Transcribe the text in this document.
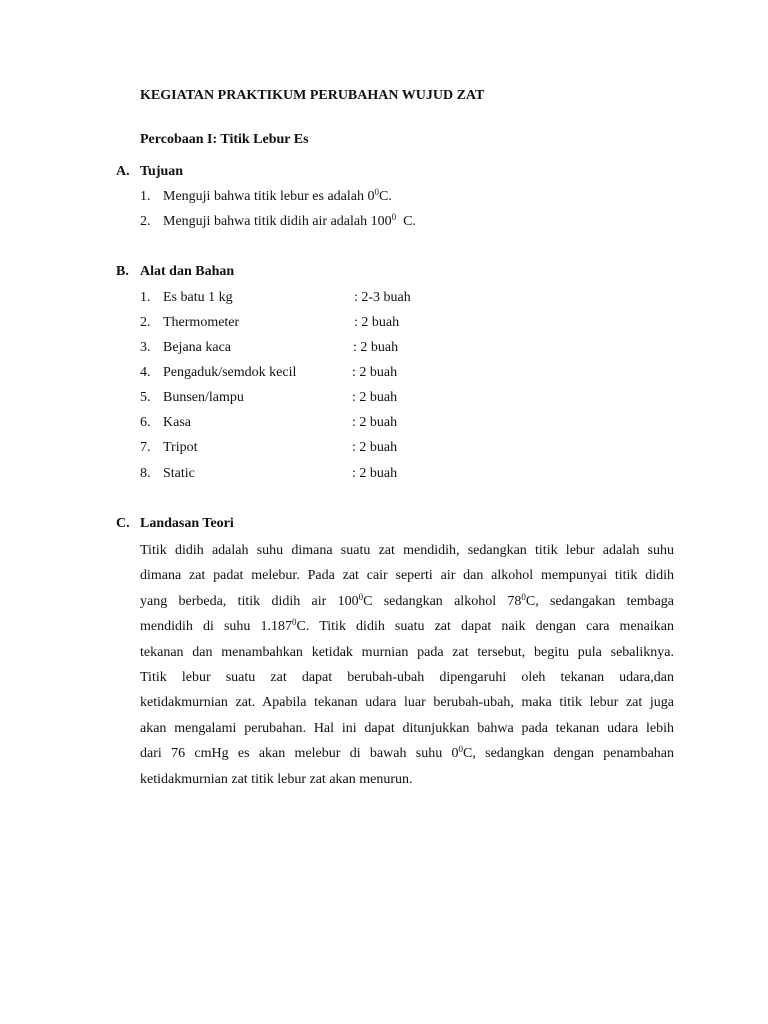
KEGIATAN PRAKTIKUM PERUBAHAN WUJUD ZAT
Percobaan I: Titik Lebur Es
A. Tujuan
1. Menguji bahwa titik lebur es adalah $0^0C$.
2. Menguji bahwa titik didih air adalah $100^0$  C.
B. Alat dan Bahan
1. Es batu 1 kg	: 2-3 buah
2. Thermometer	: 2 buah
3. Bejana kaca	: 2 buah
4. Pengaduk/semdok kecil	: 2 buah
5. Bunsen/lampu	: 2 buah
6. Kasa	: 2 buah
7. Tripot	: 2 buah
8. Static	: 2 buah
C. Landasan Teori
Titik didih adalah suhu dimana suatu zat mendidih, sedangkan titik lebur adalah suhu
dimana zat padat melebur. Pada zat cair seperti air dan alkohol mempunyai titik didih
yang berbeda, titik didih air $100^0C$ sedangkan alkohol $78^0C$, sedangakan tembaga
mendidih di suhu 1.187$^0$C. Titik didih suatu zat dapat naik dengan cara menaikan
tekanan dan menambahkan ketidak murnian pada zat tersebut, begitu pula sebaliknya.
Titik lebur suatu zat dapat berubah-ubah dipengaruhi oleh tekanan udara,dan
ketidakmurnian zat. Apabila tekanan udara luar berubah-ubah, maka titik lebur zat juga
akan mengalami perubahan. Hal ini dapat ditunjukkan bahwa pada tekanan udara lebih
dari 76 cmHg es akan melebur di bawah suhu $0^0C$, sedangkan dengan penambahan
ketidakmurnian zat titik lebur zat akan menurun.
